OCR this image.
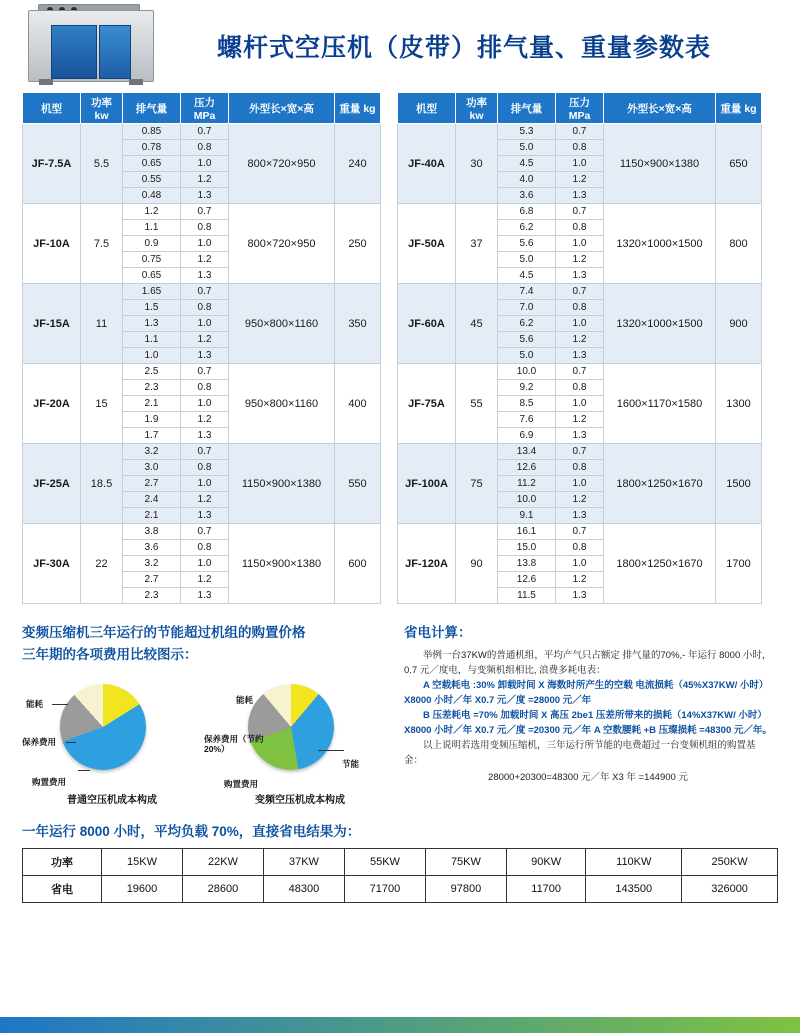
螺杆式空压机（皮带）排气量、重量参数表
机型	功率 kw	排气量	压力 MPa	外型长×宽×高	重量 kg
JF-7.5A	5.5	0.85	0.7	800×720×950	240
		0.78	0.8		
		0.65	1.0		
		0.55	1.2		
		0.48	1.3		
JF-10A	7.5	1.2	0.7	800×720×950	250
		1.1	0.8		
		0.9	1.0		
		0.75	1.2		
		0.65	1.3		
JF-15A	11	1.65	0.7	950×800×1160	350
		1.5	0.8		
		1.3	1.0		
		1.1	1.2		
		1.0	1.3		
JF-20A	15	2.5	0.7	950×800×1160	400
		2.3	0.8		
		2.1	1.0		
		1.9	1.2		
		1.7	1.3		
JF-25A	18.5	3.2	0.7	1150×900×1380	550
		3.0	0.8		
		2.7	1.0		
		2.4	1.2		
		2.1	1.3		
JF-30A	22	3.8	0.7	1150×900×1380	600
		3.6	0.8		
		3.2	1.0		
		2.7	1.2		
		2.3	1.3		
机型	功率 kw	排气量	压力 MPa	外型长×宽×高	重量 kg
JF-40A	30	5.3	0.7	1150×900×1380	650
		5.0	0.8		
		4.5	1.0		
		4.0	1.2		
		3.6	1.3		
JF-50A	37	6.8	0.7	1320×1000×1500	800
		6.2	0.8		
		5.6	1.0		
		5.0	1.2		
		4.5	1.3		
JF-60A	45	7.4	0.7	1320×1000×1500	900
		7.0	0.8		
		6.2	1.0		
		5.6	1.2		
		5.0	1.3		
JF-75A	55	10.0	0.7	1600×1170×1580	1300
		9.2	0.8		
		8.5	1.0		
		7.6	1.2		
		6.9	1.3		
JF-100A	75	13.4	0.7	1800×1250×1670	1500
		12.6	0.8		
		11.2	1.0		
		10.0	1.2		
		9.1	1.3		
JF-120A	90	16.1	0.7	1800×1250×1670	1700
		15.0	0.8		
		13.8	1.0		
		12.6	1.2		
		11.5	1.3		
变频压缩机三年运行的节能超过机组的购置价格
三年期的各项费用比较图示：
能耗
保养费用
购置费用
普通空压机成本构成
能耗
保养费用（节约20%）
购置费用
节能
变频空压机成本构成
省电计算：
举例一台37KW的普通机组，平均产气只占额定 排气量的70%,- 年运行 8000 小时，0.7 元／度电，与变频机组相比, 浪费多耗电表：
A 空载耗电 :30% 卸载时间 X 海数时所产生的空载 电流损耗（45%X37KW/ 小时）X8000 小时／年 X0.7 元／度 =28000 元／年
B 压差耗电 =70% 加载时间 X 高压 2be1 压差所带来的损耗（14%X37KW/ 小时）X8000 小时／年 X0.7 元／度 =20300 元／年 A 空数腰耗 +B 压璨损耗 =48300 元／年。
以上说明若选用变频压缩机，三年运行所节能的电费超过一台变频机组的购置基金：
28000+20300=48300 元／年 X3 年 =144900 元
一年运行 8000 小时，平均负载 70%，直接省电结果为：
功率	15KW	22KW	37KW	55KW	75KW	90KW	110KW	250KW
省电	19600	28600	48300	71700	97800	11700	143500	326000
